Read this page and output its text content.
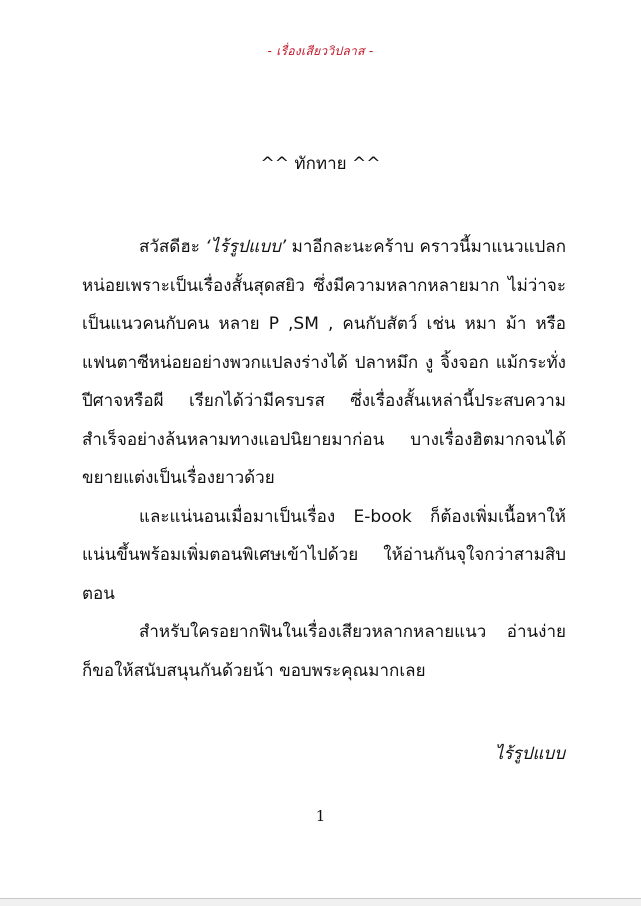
- เรื่องเสียววิปลาส -
^^ ทักทาย ^^

สวัสดีฮะ ‘ไร้รูปแบบ’ มาอีกละนะคร้าบ คราวนี้มาแนวแปลกหน่อยเพราะเป็นเรื่องสั้นสุดสยิว ซึ่งมีความหลากหลายมาก ไม่ว่าจะเป็นแนวคนกับคน หลาย P ,SM , คนกับสัตว์ เช่น หมา ม้า หรือแฟนตาซีหน่อยอย่างพวกแปลงร่างได้ ปลาหมึก งู จิ้งจอก แม้กระทั่งปีศาจหรือผี เรียกได้ว่ามีครบรส ซึ่งเรื่องสั้นเหล่านี้ประสบความสำเร็จอย่างล้นหลามทางแอปนิยายมาก่อน บางเรื่องฮิตมากจนได้ขยายแต่งเป็นเรื่องยาวด้วย

และแน่นอนเมื่อมาเป็นเรื่อง E-book ก็ต้องเพิ่มเนื้อหาให้แน่นขึ้นพร้อมเพิ่มตอนพิเศษเข้าไปด้วย ให้อ่านกันจุใจกว่าสามสิบตอน

สำหรับใครอยากฟินในเรื่องเสียวหลากหลายแนว อ่านง่าย ก็ขอให้สนับสนุนกันด้วยน้า ขอบพระคุณมากเลย

ไร้รูปแบบ
1
